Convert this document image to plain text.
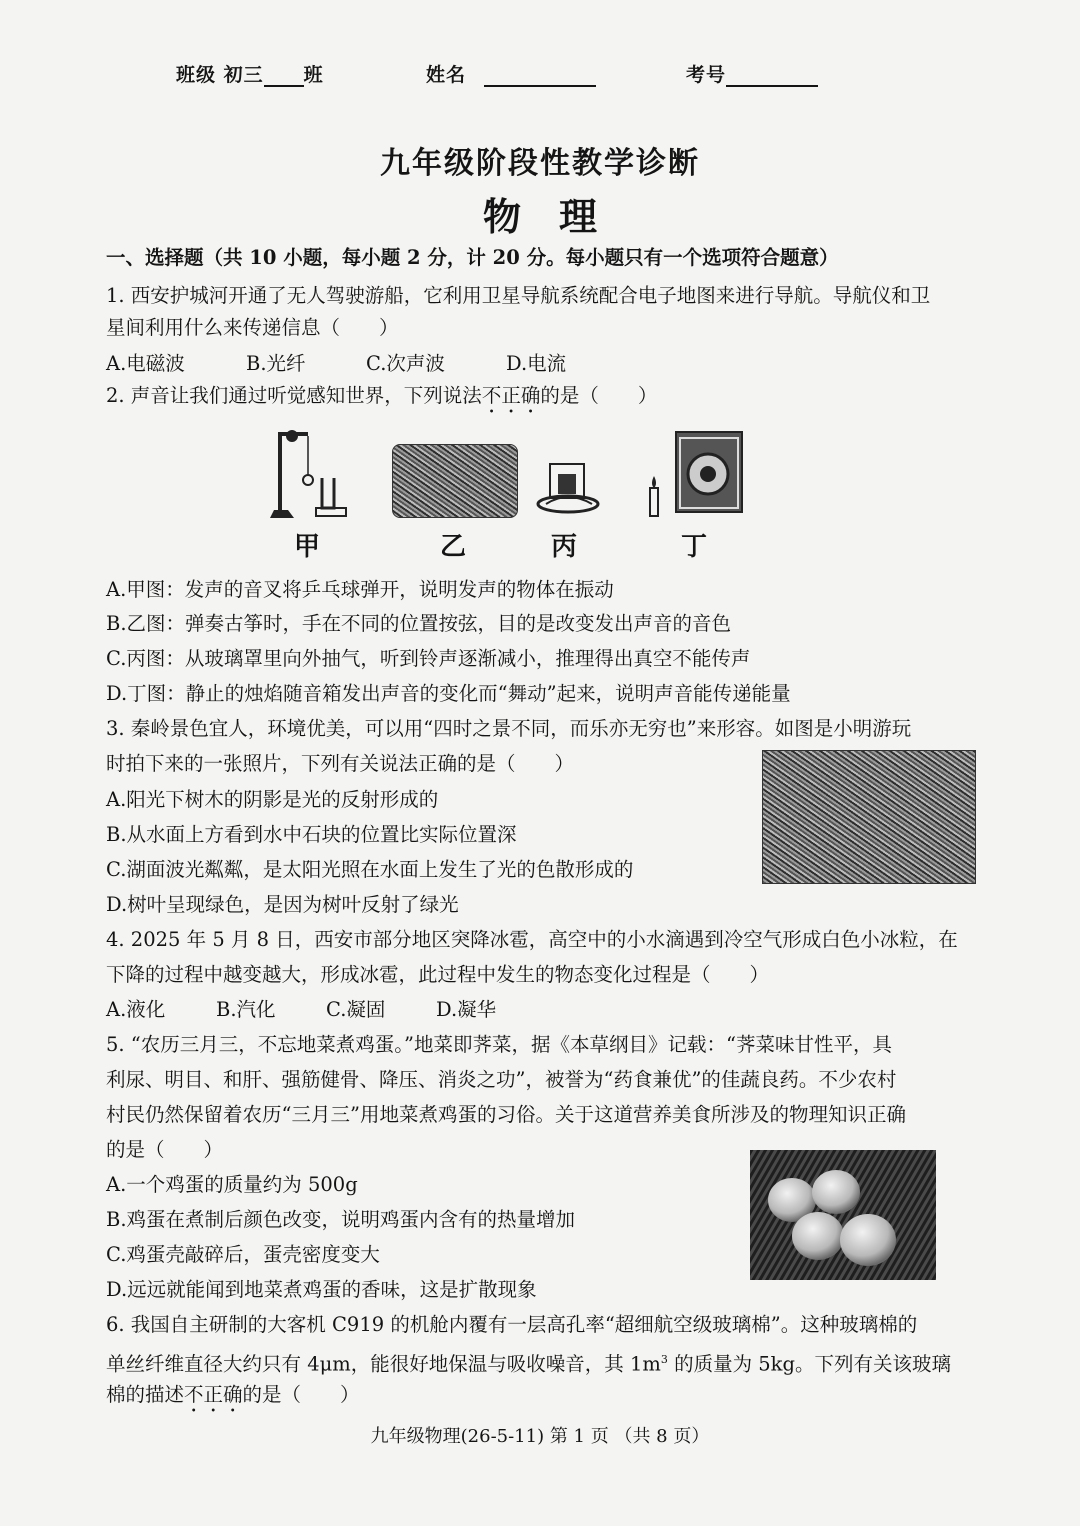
班级 初三 班	姓名	考号
九年级阶段性教学诊断
物理
一、选择题（共 10 小题，每小题 2 分，计 20 分。每小题只有一个选项符合题意）
1. 西安护城河开通了无人驾驶游船，它利用卫星导航系统配合电子地图来进行导航。导航仪和卫
星间利用什么来传递信息（　　）
A.电磁波	B.光纤	C.次声波	D.电流
2. 声音让我们通过听觉感知世界，下列说法不正确的是（　　）
甲	乙	丙	丁
A.甲图：发声的音叉将乒乓球弹开，说明发声的物体在振动
B.乙图：弹奏古筝时，手在不同的位置按弦，目的是改变发出声音的音色
C.丙图：从玻璃罩里向外抽气，听到铃声逐渐减小，推理得出真空不能传声
D.丁图：静止的烛焰随音箱发出声音的变化而“舞动”起来，说明声音能传递能量
3. 秦岭景色宜人，环境优美，可以用“四时之景不同，而乐亦无穷也”来形容。如图是小明游玩
时拍下来的一张照片，下列有关说法正确的是（　　）
A.阳光下树木的阴影是光的反射形成的
B.从水面上方看到水中石块的位置比实际位置深
C.湖面波光粼粼，是太阳光照在水面上发生了光的色散形成的
D.树叶呈现绿色，是因为树叶反射了绿光
4. 2025 年 5 月 8 日，西安市部分地区突降冰雹，高空中的小水滴遇到冷空气形成白色小冰粒，在
下降的过程中越变越大，形成冰雹，此过程中发生的物态变化过程是（　　）
A.液化	B.汽化	C.凝固	D.凝华
5. “农历三月三，不忘地菜煮鸡蛋。”地菜即荠菜，据《本草纲目》记载：“荠菜味甘性平，具
利尿、明目、和肝、强筋健骨、降压、消炎之功”，被誉为“药食兼优”的佳蔬良药。不少农村
村民仍然保留着农历“三月三”用地菜煮鸡蛋的习俗。关于这道营养美食所涉及的物理知识正确
的是（　　）
A.一个鸡蛋的质量约为 500g
B.鸡蛋在煮制后颜色改变，说明鸡蛋内含有的热量增加
C.鸡蛋壳敲碎后，蛋壳密度变大
D.远远就能闻到地菜煮鸡蛋的香味，这是扩散现象
6. 我国自主研制的大客机 C919 的机舱内覆有一层高孔率“超细航空级玻璃棉”。这种玻璃棉的
单丝纤维直径大约只有 4μm，能很好地保温与吸收噪音，其 $1m^3$ 的质量为 5kg。下列有关该玻璃
棉的描述不正确的是（　　）
九年级物理(26-5-11) 第 1 页 （共 8 页）
